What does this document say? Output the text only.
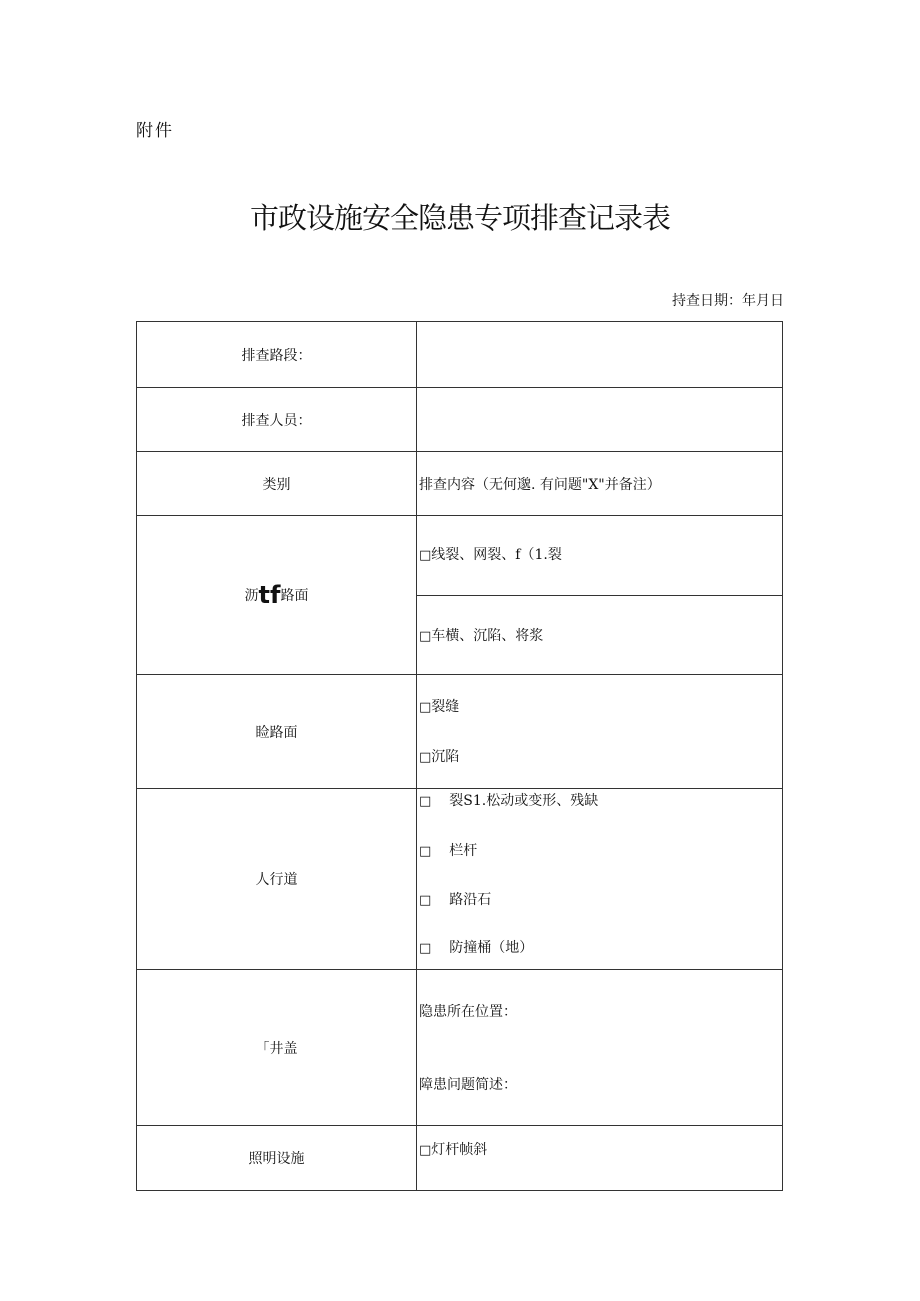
附件
市政设施安全隐患专项排查记录表
持查日期：年月日
排查路段：
排查人员：
类别	排查内容（无何邈. 有问题"X"并备注）
沥 tf 路面
□线裂、网裂、f（1.裂
□车横、沉陷、将浆
睑路面
□裂缝
□沉陷
人行道
□ 裂S1.松动或变形、残缺
□ 栏杆
□ 路沿石
□ 防撞桶（地）
「井盖
隐患所在位置：
障患问题简述：
照明设施
□灯杆帧斜
